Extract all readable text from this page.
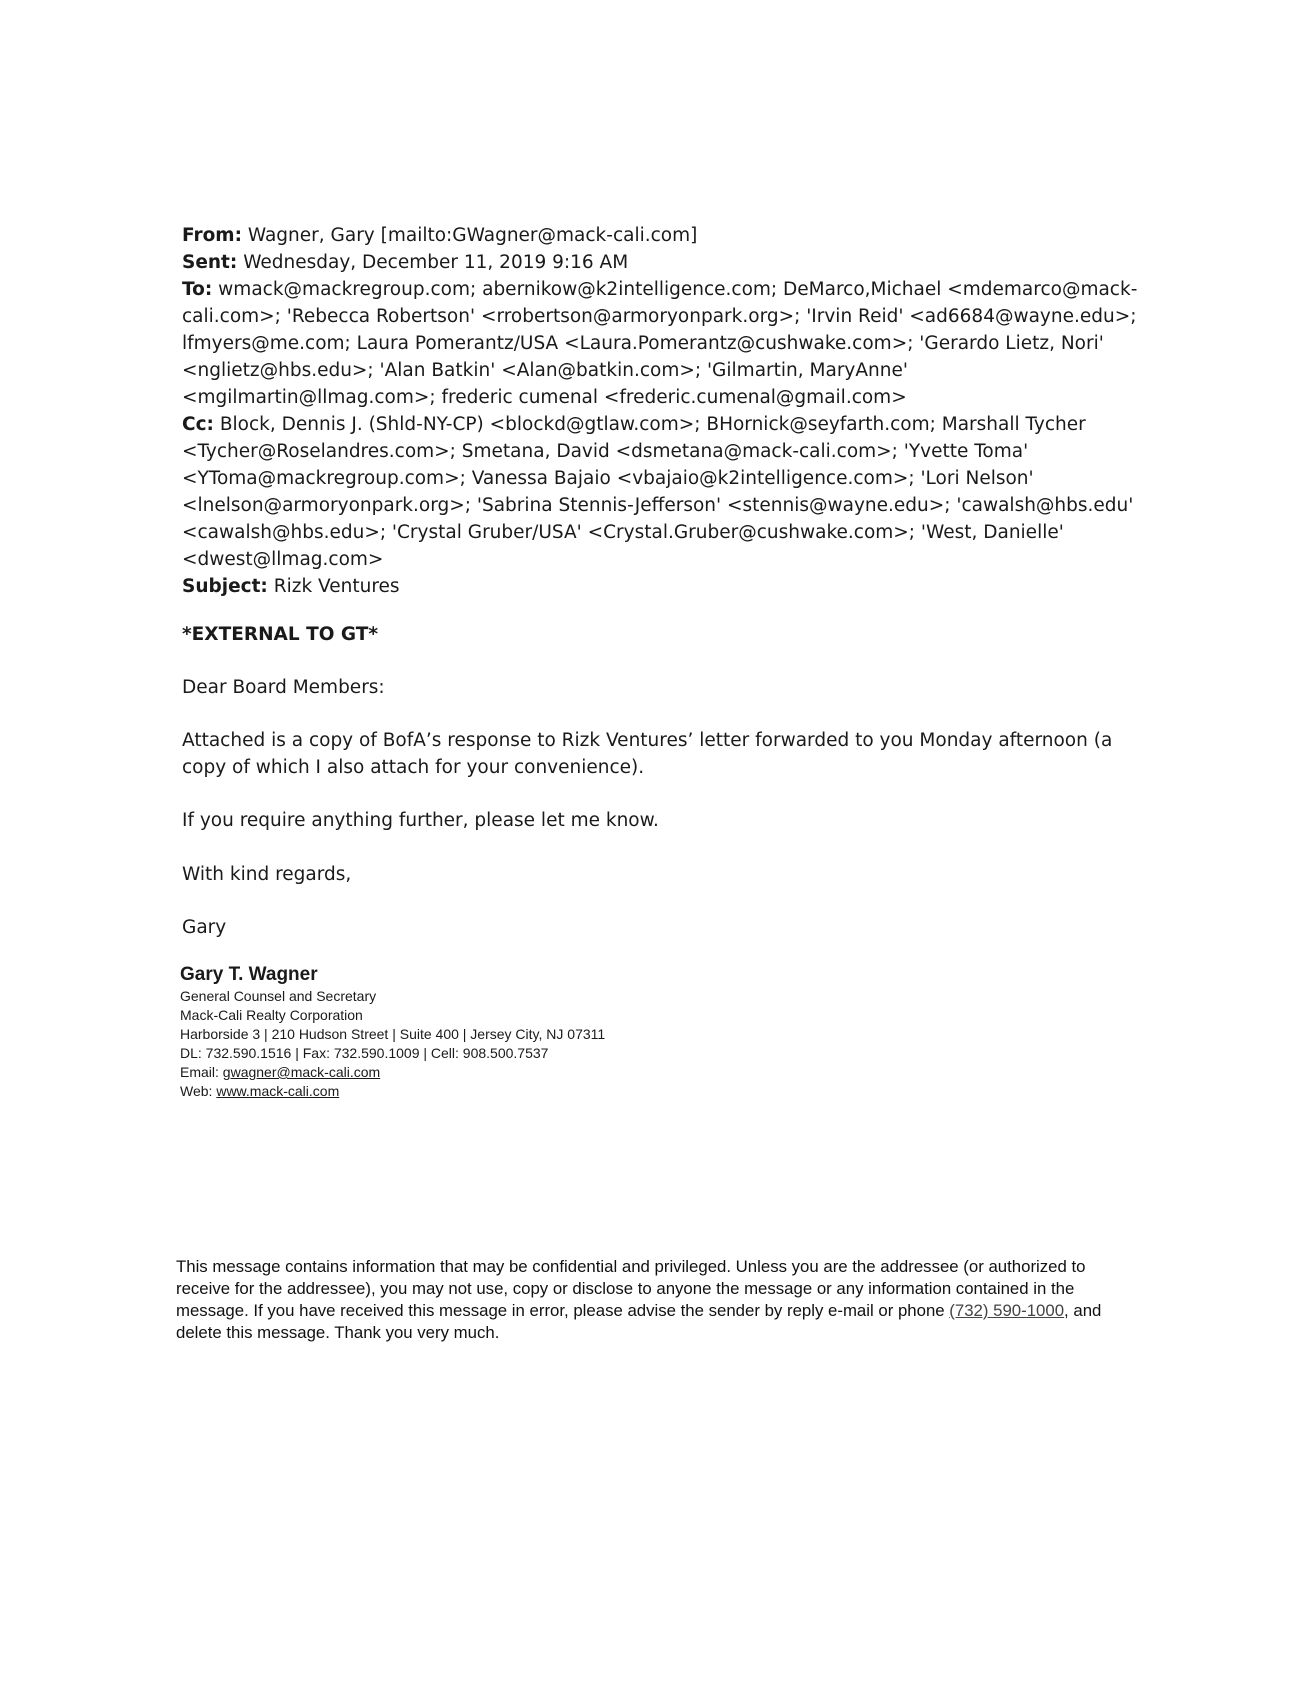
From: Wagner, Gary [mailto:GWagner@mack-cali.com]
Sent: Wednesday, December 11, 2019 9:16 AM
To: wmack@mackregroup.com; abernikow@k2intelligence.com; DeMarco,Michael <mdemarco@mack-cali.com>; 'Rebecca Robertson' <rrobertson@armoryonpark.org>; 'Irvin Reid' <ad6684@wayne.edu>; lfmyers@me.com; Laura Pomerantz/USA <Laura.Pomerantz@cushwake.com>; 'Gerardo Lietz, Nori' <nglietz@hbs.edu>; 'Alan Batkin' <Alan@batkin.com>; 'Gilmartin, MaryAnne' <mgilmartin@llmag.com>; frederic cumenal <frederic.cumenal@gmail.com>
Cc: Block, Dennis J. (Shld-NY-CP) <blockd@gtlaw.com>; BHornick@seyfarth.com; Marshall Tycher <Tycher@Roselandres.com>; Smetana, David <dsmetana@mack-cali.com>; 'Yvette Toma' <YToma@mackregroup.com>; Vanessa Bajaio <vbajaio@k2intelligence.com>; 'Lori Nelson' <lnelson@armoryonpark.org>; 'Sabrina Stennis-Jefferson' <stennis@wayne.edu>; 'cawalsh@hbs.edu' <cawalsh@hbs.edu>; 'Crystal Gruber/USA' <Crystal.Gruber@cushwake.com>; 'West, Danielle' <dwest@llmag.com>
Subject: Rizk Ventures
*EXTERNAL TO GT*
Dear Board Members:
Attached is a copy of BofA’s response to Rizk Ventures’ letter forwarded to you Monday afternoon (a copy of which I also attach for your convenience).
If you require anything further, please let me know.
With kind regards,
Gary
Gary T. Wagner
General Counsel and Secretary
Mack-Cali Realty Corporation
Harborside 3 | 210 Hudson Street | Suite 400 | Jersey City, NJ 07311
DL: 732.590.1516 | Fax: 732.590.1009 | Cell: 908.500.7537
Email: gwagner@mack-cali.com
Web: www.mack-cali.com
This message contains information that may be confidential and privileged. Unless you are the addressee (or authorized to receive for the addressee), you may not use, copy or disclose to anyone the message or any information contained in the message. If you have received this message in error, please advise the sender by reply e-mail or phone (732) 590-1000, and delete this message. Thank you very much.
